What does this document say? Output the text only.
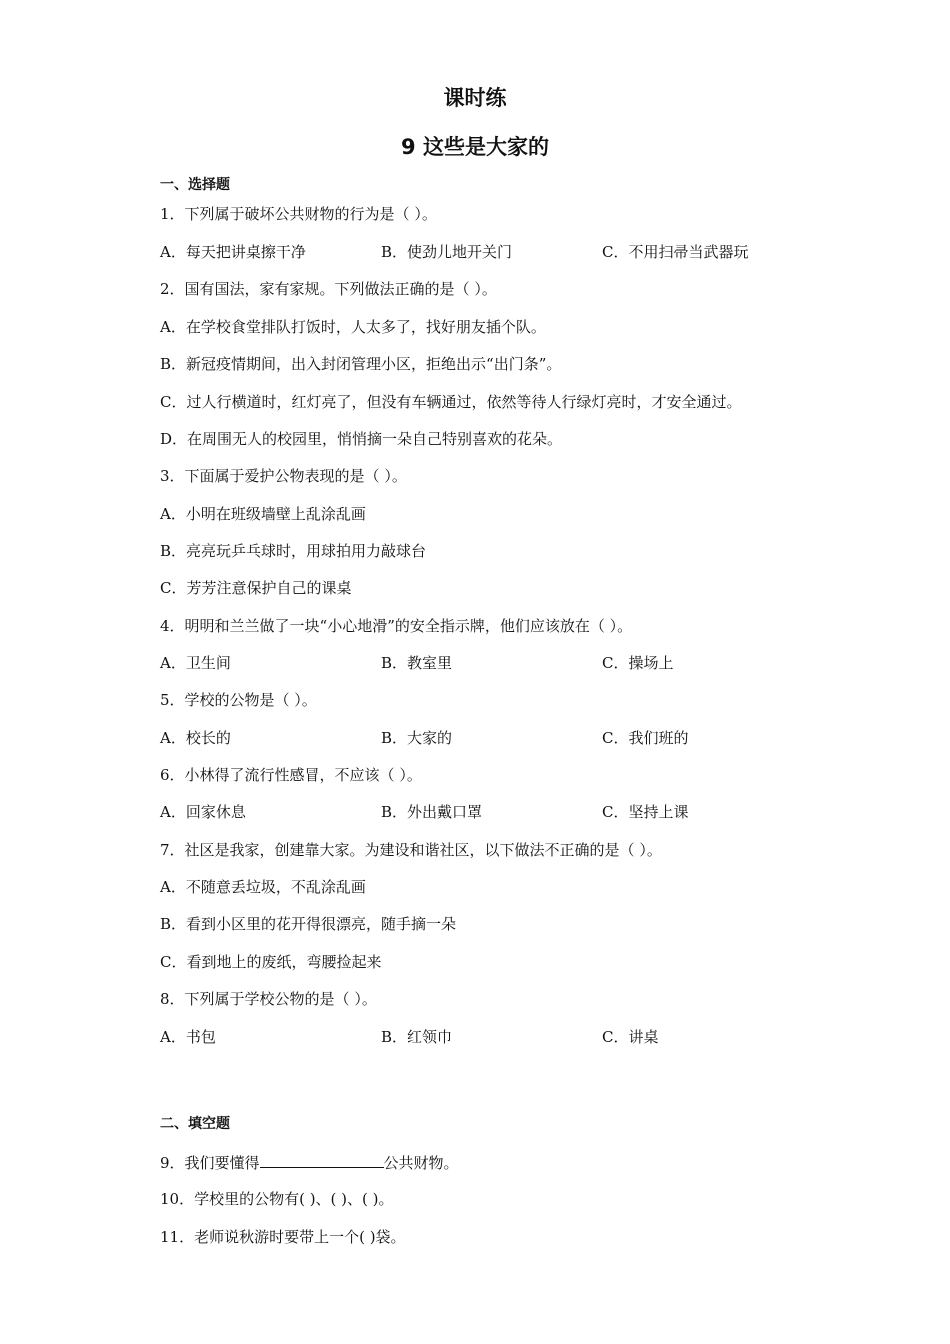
课时练
9 这些是大家的
一、选择题
1．下列属于破坏公共财物的行为是（ ）。
A．每天把讲桌擦干净	B．使劲儿地开关门	C．不用扫帚当武器玩
2．国有国法，家有家规。下列做法正确的是（ ）。
A．在学校食堂排队打饭时，人太多了，找好朋友插个队。
B．新冠疫情期间，出入封闭管理小区，拒绝出示“出门条”。
C．过人行横道时，红灯亮了，但没有车辆通过，依然等待人行绿灯亮时，才安全通过。
D．在周围无人的校园里，悄悄摘一朵自己特别喜欢的花朵。
3．下面属于爱护公物表现的是（ ）。
A．小明在班级墙壁上乱涂乱画
B．亮亮玩乒乓球时，用球拍用力敲球台
C．芳芳注意保护自己的课桌
4．明明和兰兰做了一块“小心地滑”的安全指示牌，他们应该放在（ ）。
A．卫生间	B．教室里	C．操场上
5．学校的公物是（ ）。
A．校长的	B．大家的	C．我们班的
6．小林得了流行性感冒，不应该（ ）。
A．回家休息	B．外出戴口罩	C．坚持上课
7．社区是我家，创建靠大家。为建设和谐社区，以下做法不正确的是（ ）。
A．不随意丢垃圾，不乱涂乱画
B．看到小区里的花开得很漂亮，随手摘一朵
C．看到地上的废纸，弯腰捡起来
8．下列属于学校公物的是（ ）。
A．书包	B．红领巾	C．讲桌
二、填空题
9．我们要懂得	公共财物。
10．学校里的公物有( )、( )、( )。
11．老师说秋游时要带上一个( )袋。
